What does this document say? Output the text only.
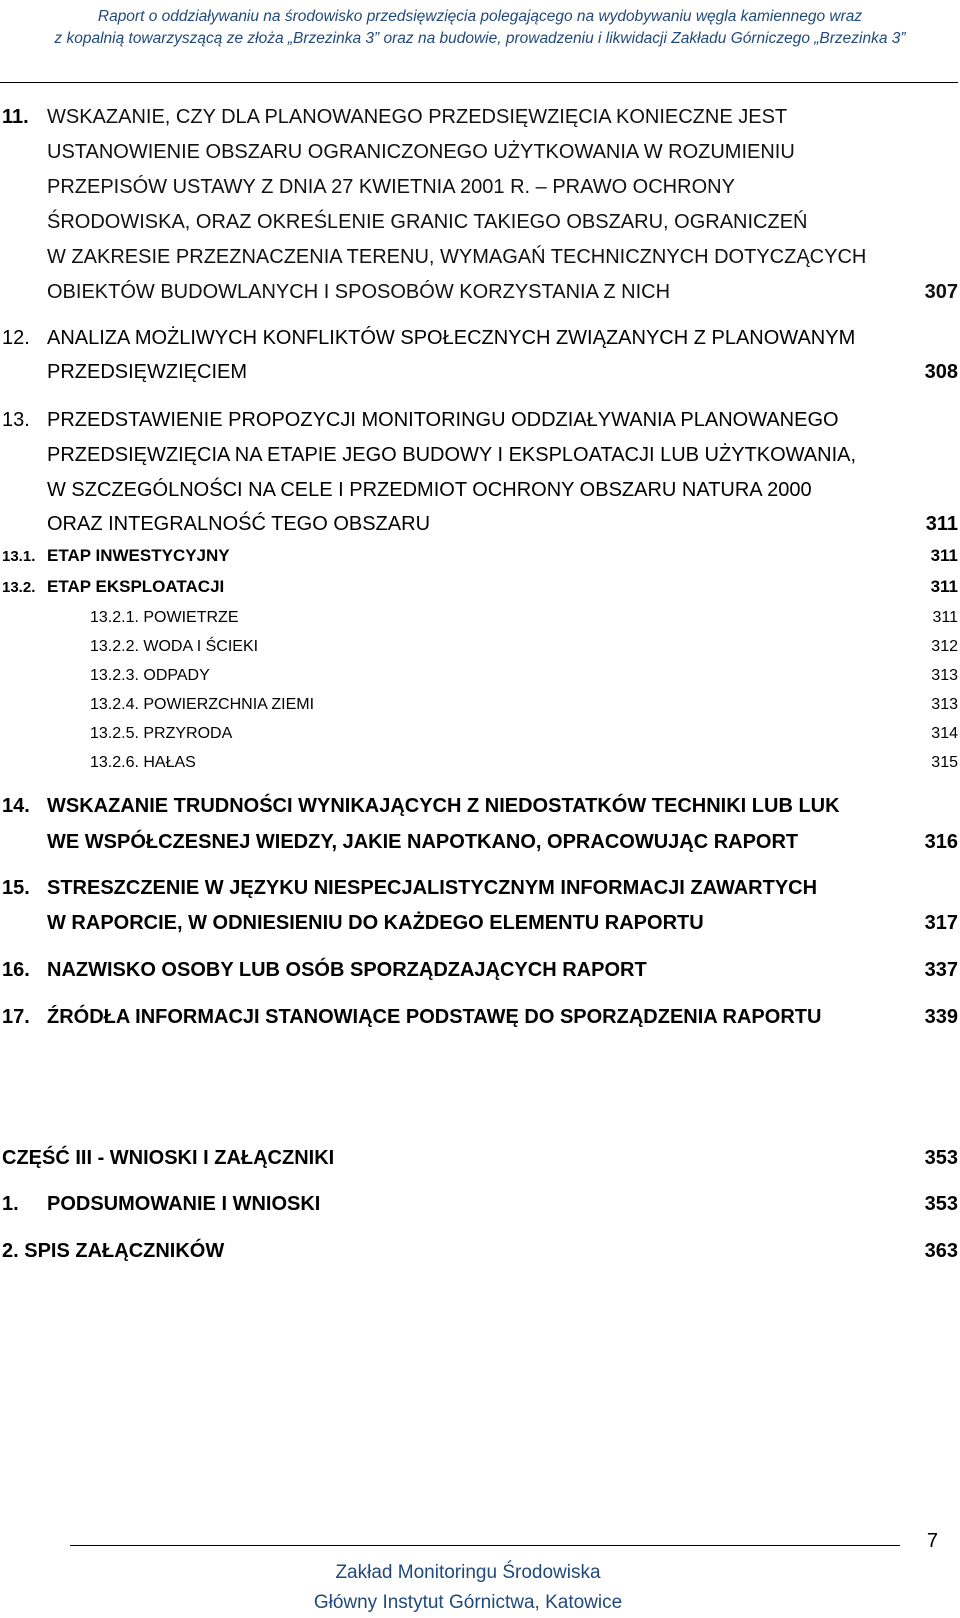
Raport o oddziaływaniu na środowisko przedsięwzięcia polegającego na wydobywaniu węgla kamiennego wraz
z kopalnią towarzyszącą ze złoża „Brzezinka 3” oraz na budowie, prowadzeniu i likwidacji Zakładu Górniczego „Brzezinka 3”
11. WSKAZANIE, CZY DLA PLANOWANEGO PRZEDSIĘWZIĘCIA KONIECZNE JEST
USTANOWIENIE OBSZARU OGRANICZONEGO UŻYTKOWANIA W ROZUMIENIU
PRZEPISÓW USTAWY Z DNIA 27 KWIETNIA 2001 R. – PRAWO OCHRONY
ŚRODOWISKA, ORAZ OKREŚLENIE GRANIC TAKIEGO OBSZARU, OGRANICZEŃ
W ZAKRESIE PRZEZNACZENIA TERENU, WYMAGAŃ TECHNICZNYCH DOTYCZĄCYCH
OBIEKTÓW BUDOWLANYCH I SPOSOBÓW KORZYSTANIA Z NICH	307
12. ANALIZA MOŻLIWYCH KONFLIKTÓW SPOŁECZNYCH ZWIĄZANYCH Z PLANOWANYM
PRZEDSIĘWZIĘCIEM	308
13. PRZEDSTAWIENIE PROPOZYCJI MONITORINGU ODDZIAŁYWANIA PLANOWANEGO
PRZEDSIĘWZIĘCIA NA ETAPIE JEGO BUDOWY I EKSPLOATACJI LUB UŻYTKOWANIA,
W SZCZEGÓLNOŚCI NA CELE I PRZEDMIOT OCHRONY OBSZARU NATURA 2000
ORAZ INTEGRALNOŚĆ TEGO OBSZARU	311
13.1. ETAP INWESTYCYJNY	311
13.2. ETAP EKSPLOATACJI	311
13.2.1. POWIETRZE	311
13.2.2. WODA I ŚCIEKI	312
13.2.3. ODPADY	313
13.2.4. POWIERZCHNIA ZIEMI	313
13.2.5. PRZYRODA	314
13.2.6. HAŁAS	315
14. WSKAZANIE TRUDNOŚCI WYNIKAJĄCYCH Z NIEDOSTATKÓW TECHNIKI LUB LUK
WE WSPÓŁCZESNEJ WIEDZY, JAKIE NAPOTKANO, OPRACOWUJĄC RAPORT	316
15. STRESZCZENIE W JĘZYKU NIESPECJALISTYCZNYM INFORMACJI ZAWARTYCH
W RAPORCIE, W ODNIESIENIU DO KAŻDEGO ELEMENTU RAPORTU	317
16. NAZWISKO OSOBY LUB OSÓB SPORZĄDZAJĄCYCH RAPORT	337
17. ŹRÓDŁA INFORMACJI STANOWIĄCE PODSTAWĘ DO SPORZĄDZENIA RAPORTU	339
CZĘŚĆ III - WNIOSKI I ZAŁĄCZNIKI	353
1. PODSUMOWANIE I WNIOSKI	353
2. SPIS ZAŁĄCZNIKÓW	363
7
Zakład Monitoringu Środowiska
Główny Instytut Górnictwa, Katowice
